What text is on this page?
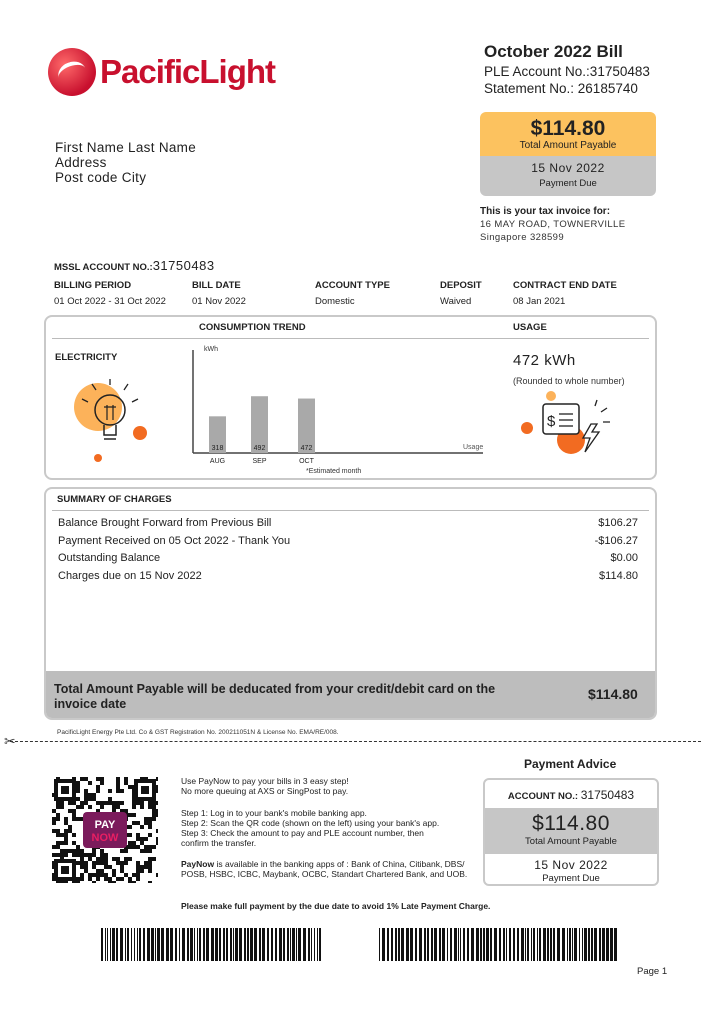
PacificLight
October 2022 Bill
PLE Account No.:31750483
Statement No.: 26185740
First Name Last Name
Address
Post code City
$114.80
Total Amount Payable
15 Nov 2022
Payment Due
This is your tax invoice for:
16 MAY ROAD, TOWNERVILLE
Singapore 328599
MSSL ACCOUNT NO.:31750483
BILLING PERIOD
01 Oct 2022 - 31 Oct 2022
BILL DATE
01 Nov 2022
ACCOUNT TYPE
Domestic
DEPOSIT
Waived
CONTRACT END DATE
08 Jan 2021
CONSUMPTION TREND	USAGE
ELECTRICITY
kWh
Usage
318
AUG
492
SEP
472
OCT
*Estimated month
472 kWh
(Rounded to whole number)
$
SUMMARY OF CHARGES
Balance Brought Forward from Previous Bill	$106.27
Payment Received on 05 Oct 2022 - Thank You	-$106.27
Outstanding Balance	$0.00
Charges due on 15 Nov 2022	$114.80
Total Amount Payable will be deducated from your credit/debit card on the invoice date
$114.80
PacificLight Energy Pte Ltd. Co & GST Registration No. 200211051N & License No. EMA/RE/008.
✂
PAY
NOW
Use PayNow to pay your bills in 3 easy step!
No more queuing at AXS or SingPost to pay.
Step 1: Log in to your bank's mobile banking app.
Step 2: Scan the QR code (shown on the left) using your bank's app.
Step 3: Check the amount to pay and PLE account number, then
confirm the transfer.
PayNow is available in the banking apps of : Bank of China, Citibank, DBS/
POSB, HSBC, ICBC, Maybank, OCBC, Standart Chartered Bank, and UOB.
Payment Advice
ACCOUNT NO.: 31750483
$114.80
Total Amount Payable
15 Nov 2022
Payment Due
Please make full payment by the due date to avoid 1% Late Payment Charge.
Page 1
